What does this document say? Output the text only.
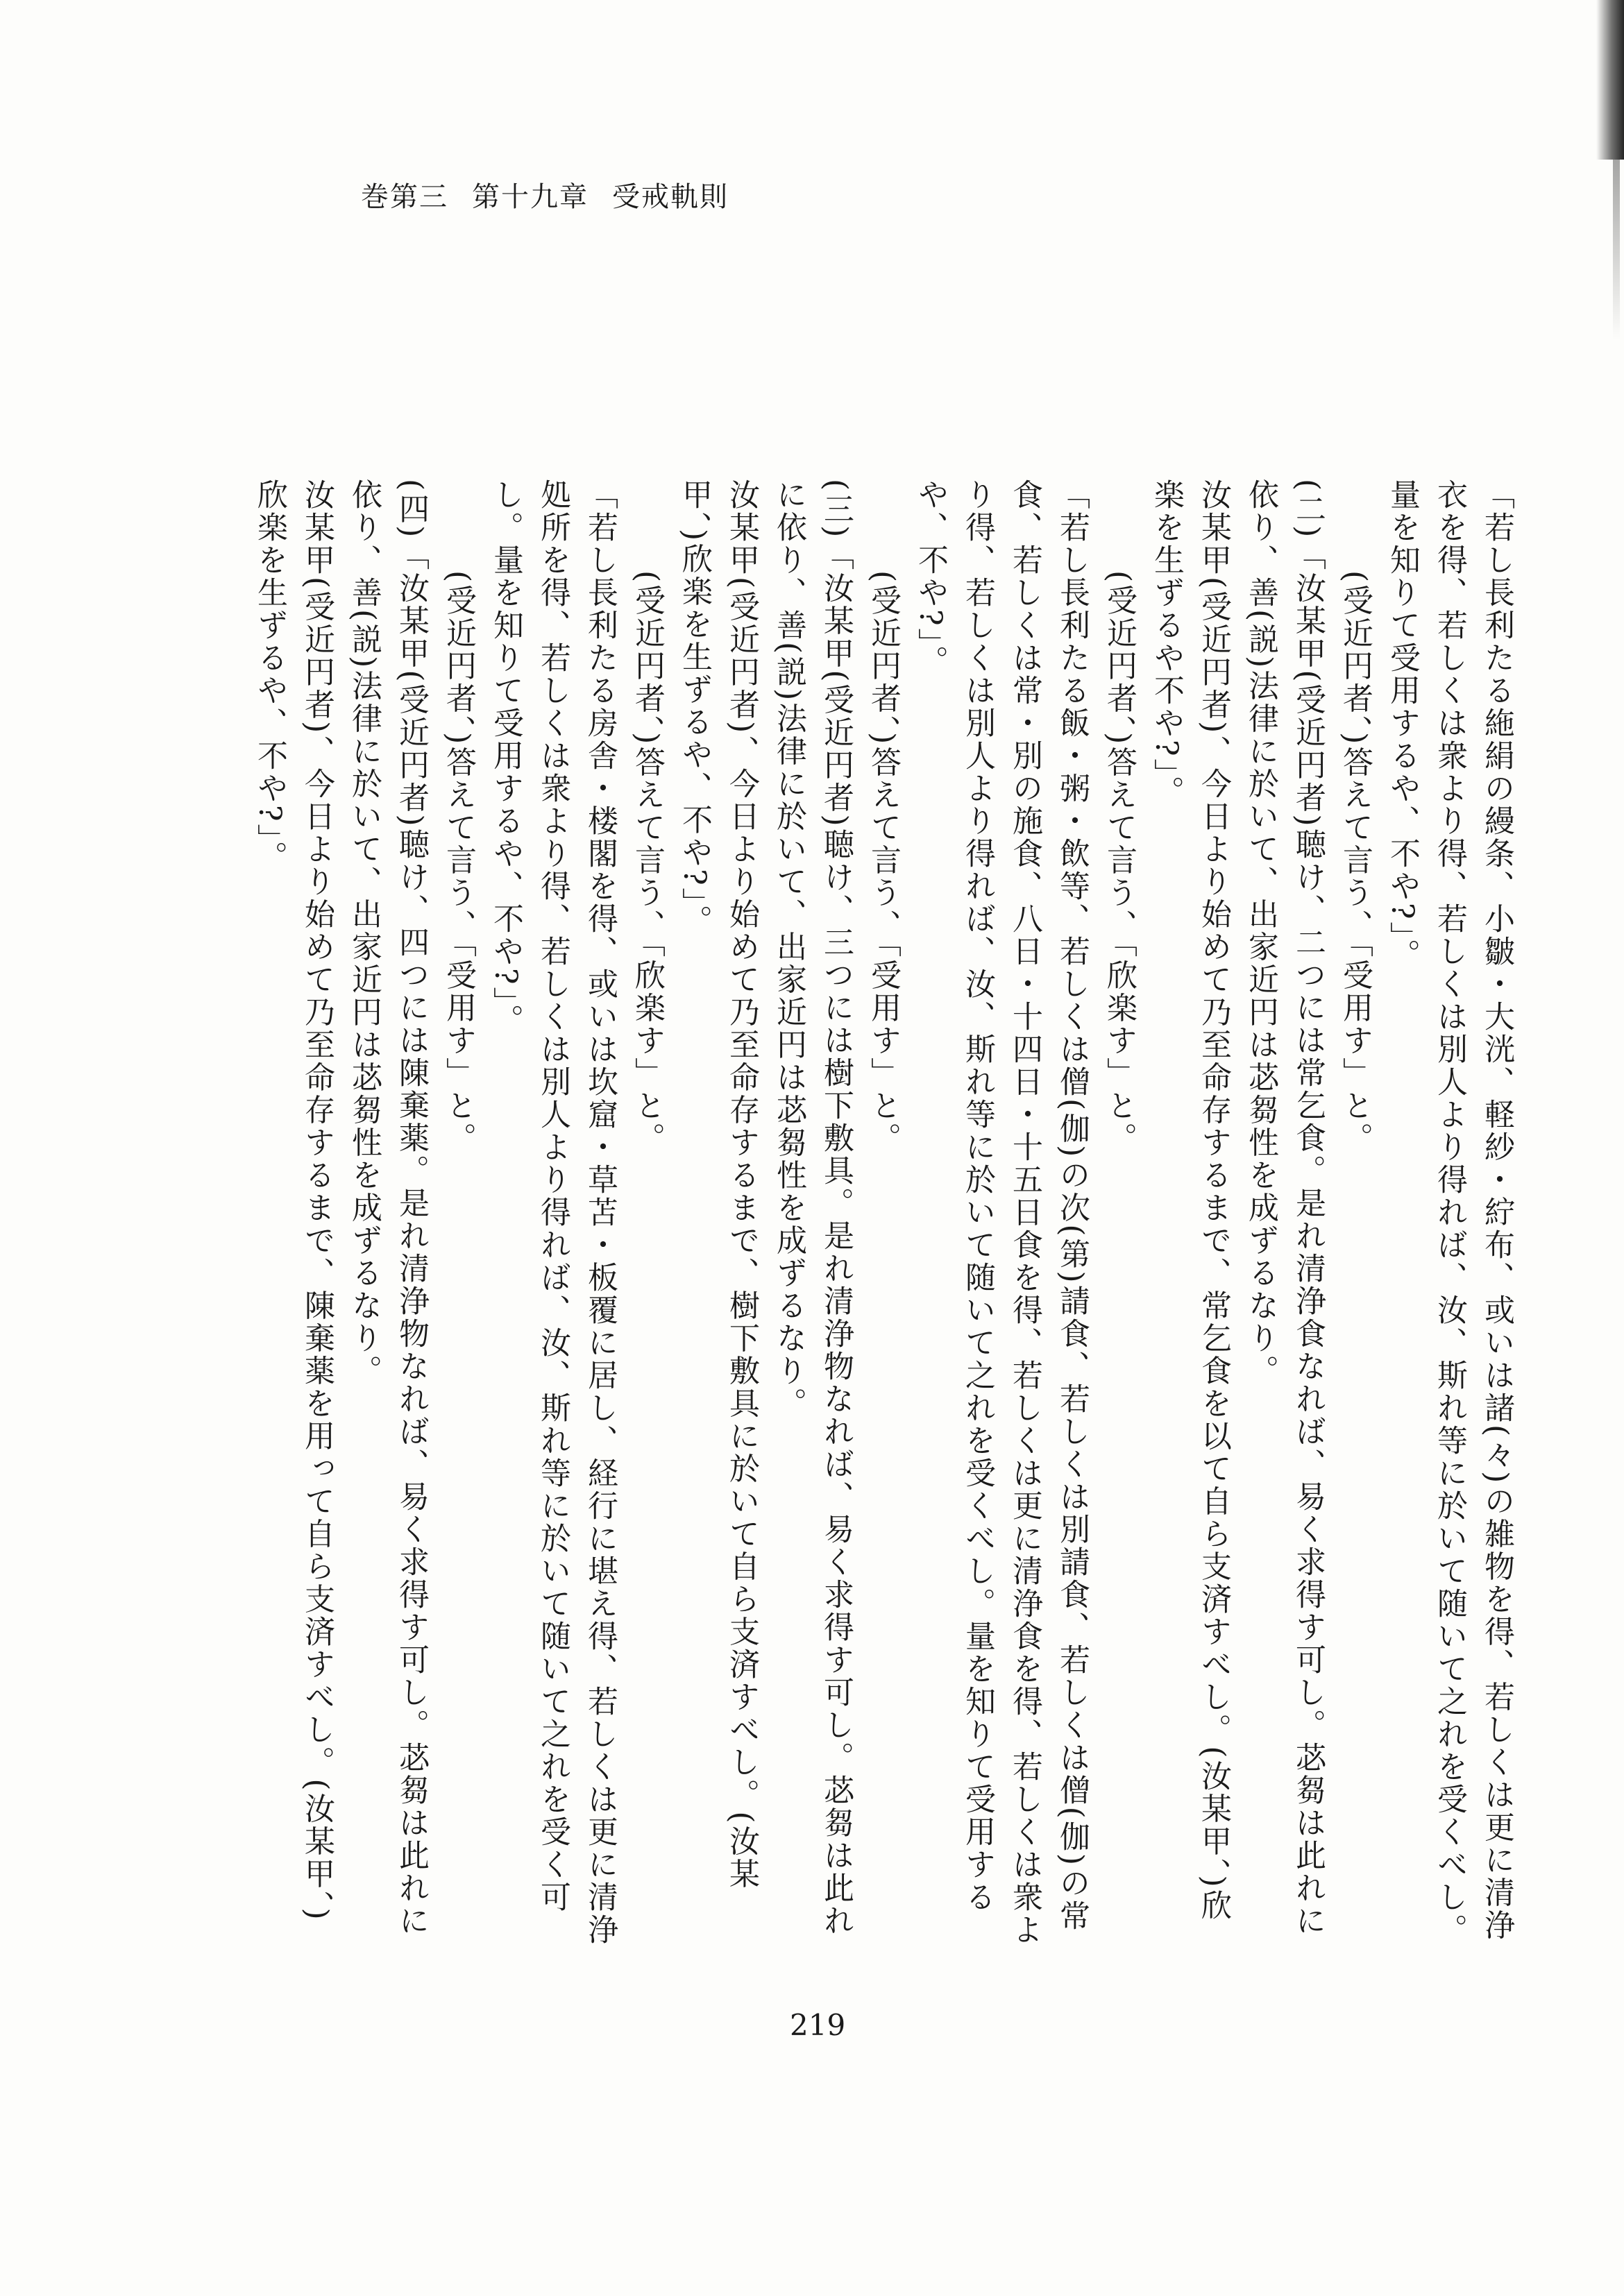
巻第三 第十九章 受戒軌則

「若し長利たる絁絹の縵条、小皺・大洸、軽紗・紵布、或いは諸(々)の雑物を得、若しくは更に清浄衣を得、若しくは衆より得、若しくは別人より得れば、汝、斯れ等に於いて随いて之れを受くべし。量を知りて受用するや、不や?」。

(受近円者、)答えて言う、「受用す」と。

(二)「汝某甲(受近円者)聴け、二つには常乞食。是れ清浄食なれば、易く求得す可し。苾芻は此れに依り、善(説)法律に於いて、出家近円は苾芻性を成ずるなり。

汝某甲(受近円者)、今日より始めて乃至命存するまで、常乞食を以て自ら支済すべし。(汝某甲、)欣楽を生ずるや不や?」。

(受近円者、)答えて言う、「欣楽す」と。

「若し長利たる飯・粥・飲等、若しくは僧(伽)の次(第)請食、若しくは別請食、若しくは僧(伽)の常食、若しくは常・別の施食、八日・十四日・十五日食を得、若しくは更に清浄食を得、若しくは衆より得、若しくは別人より得れば、汝、斯れ等に於いて随いて之れを受くべし。量を知りて受用するや、不や?」。

(受近円者、)答えて言う、「受用す」と。

(三)「汝某甲(受近円者)聴け、三つには樹下敷具。是れ清浄物なれば、易く求得す可し。苾芻は此れに依り、善(説)法律に於いて、出家近円は苾芻性を成ずるなり。

汝某甲(受近円者)、今日より始めて乃至命存するまで、樹下敷具に於いて自ら支済すべし。(汝某甲、)欣楽を生ずるや、不や?」。

(受近円者、)答えて言う、「欣楽す」と。

「若し長利たる房舎・楼閣を得、或いは坎窟・草苫・板覆に居し、経行に堪え得、若しくは更に清浄処所を得、若しくは衆より得、若しくは別人より得れば、汝、斯れ等に於いて随いて之れを受く可し。量を知りて受用するや、不や?」。

(受近円者、)答えて言う、「受用す」と。

(四)「汝某甲(受近円者)聴け、四つには陳棄薬。是れ清浄物なれば、易く求得す可し。苾芻は此れに依り、善(説)法律に於いて、出家近円は苾芻性を成ずるなり。

汝某甲(受近円者)、今日より始めて乃至命存するまで、陳棄薬を用って自ら支済すべし。(汝某甲、)欣楽を生ずるや、不や?」。

219
